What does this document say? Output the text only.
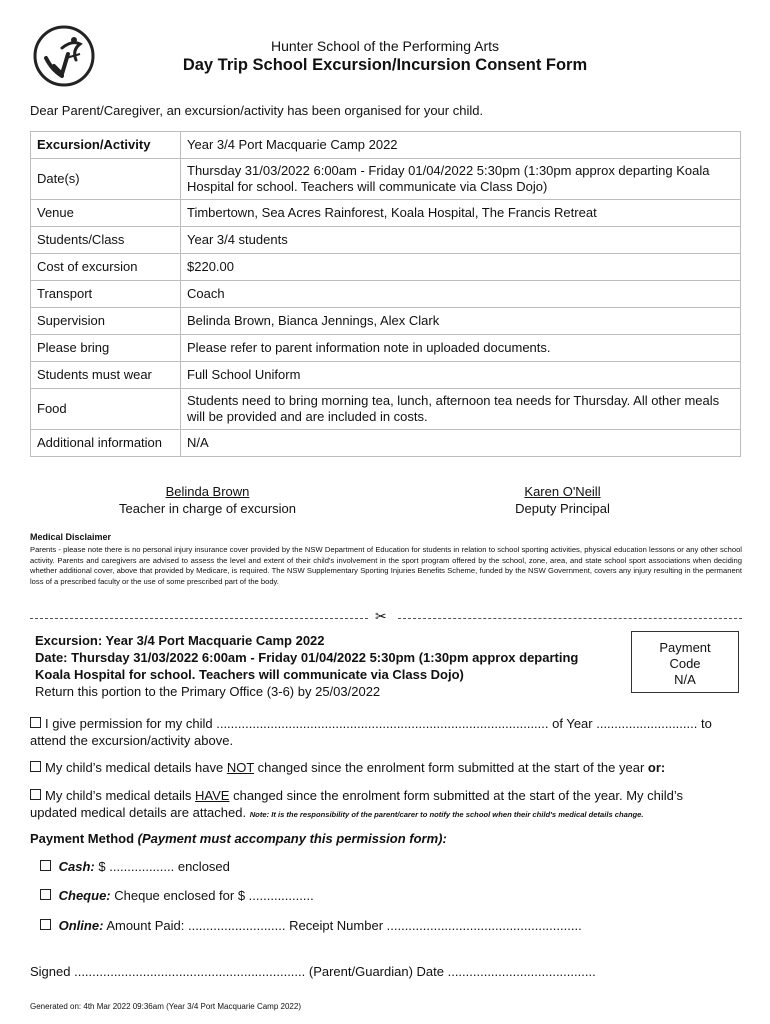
Hunter School of the Performing Arts
Day Trip School Excursion/Incursion Consent Form
Dear Parent/Caregiver, an excursion/activity has been organised for your child.
Excursion/Activity	Year 3/4 Port Macquarie Camp 2022
Date(s)	Thursday 31/03/2022 6:00am - Friday 01/04/2022 5:30pm (1:30pm approx departing Koala Hospital for school. Teachers will communicate via Class Dojo)
Venue	Timbertown, Sea Acres Rainforest, Koala Hospital, The Francis Retreat
Students/Class	Year 3/4 students
Cost of excursion	$220.00
Transport	Coach
Supervision	Belinda Brown, Bianca Jennings, Alex Clark
Please bring	Please refer to parent information note in uploaded documents.
Students must wear	Full School Uniform
Food	Students need to bring morning tea, lunch, afternoon tea needs for Thursday. All other meals will be provided and are included in costs.
Additional information	N/A
Belinda Brown
Teacher in charge of excursion
Karen O'Neill
Deputy Principal
Medical Disclaimer
Parents - please note there is no personal injury insurance cover provided by the NSW Department of Education for students in relation to school sporting activities, physical education lessons or any other school activity. Parents and caregivers are advised to assess the level and extent of their child's involvement in the sport program offered by the school, zone, area, and state school sport associations when deciding whether additional cover, above that provided by Medicare, is required. The NSW Supplementary Sporting Injuries Benefits Scheme, funded by the NSW Government, covers any injury resulting in the permanent loss of a prescribed faculty or the use of some prescribed part of the body.
✂
Excursion: Year 3/4 Port Macquarie Camp 2022
Date: Thursday 31/03/2022 6:00am - Friday 01/04/2022 5:30pm (1:30pm approx departing
Koala Hospital for school. Teachers will communicate via Class Dojo)
Return this portion to the Primary Office (3-6) by 25/03/2022
Payment
Code
N/A
I give permission for my child ............................................................................................ of Year ............................ to
attend the excursion/activity above.
My child’s medical details have NOT changed since the enrolment form submitted at the start of the year or:
My child’s medical details HAVE changed since the enrolment form submitted at the start of the year. My child’s
updated medical details are attached. Note: It is the responsibility of the parent/carer to notify the school when their child's medical details change.
Payment Method (Payment must accompany this permission form):
Cash: $ .................. enclosed
Cheque: Cheque enclosed for $ ..................
Online: Amount Paid: ........................... Receipt Number ......................................................
Signed ................................................................ (Parent/Guardian) Date .........................................
Generated on: 4th Mar 2022 09:36am (Year 3/4 Port Macquarie Camp 2022)
